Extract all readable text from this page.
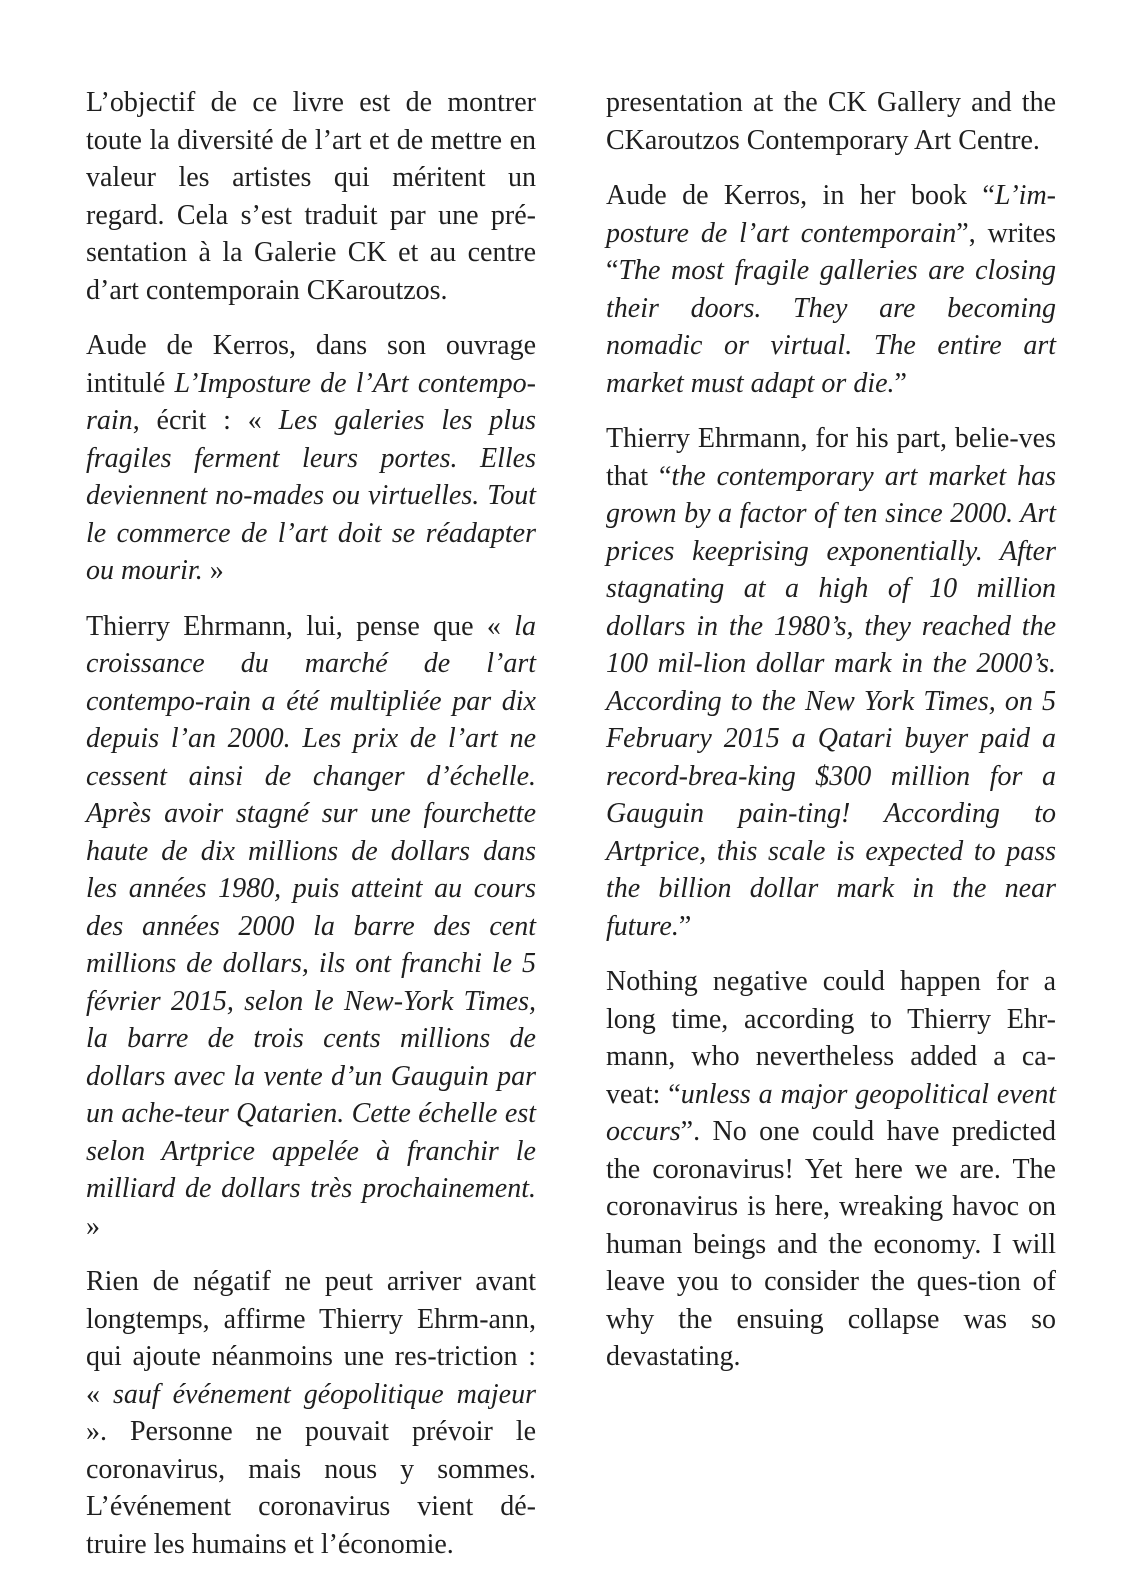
L’objectif de ce livre est de montrer toute la diversité de l’art et de mettre en valeur les artistes qui méritent un regard. Cela s’est traduit par une pré-sentation à la Galerie CK et au centre d’art contemporain CKaroutzos.

Aude de Kerros, dans son ouvrage intitulé L’Imposture de l’Art contempo-rain, écrit : « Les galeries les plus fragiles ferment leurs portes. Elles deviennent no-mades ou virtuelles. Tout le commerce de l’art doit se réadapter ou mourir. »

Thierry Ehrmann, lui, pense que « la croissance du marché de l’art contempo-rain a été multipliée par dix depuis l’an 2000. Les prix de l’art ne cessent ainsi de changer d’échelle. Après avoir stagné sur une fourchette haute de dix millions de dollars dans les années 1980, puis atteint au cours des années 2000 la barre des cent millions de dollars, ils ont franchi le 5 février 2015, selon le New-York Times, la barre de trois cents millions de dollars avec la vente d’un Gauguin par un ache-teur Qatarien. Cette échelle est selon Artprice appelée à franchir le milliard de dollars très prochainement. »

Rien de négatif ne peut arriver avant longtemps, affirme Thierry Ehrm-ann, qui ajoute néanmoins une res-triction : « sauf événement géopolitique majeur ». Personne ne pouvait prévoir le coronavirus, mais nous y sommes. L’événement coronavirus vient dé-truire les humains et l’économie.

presentation at the CK Gallery and the CKaroutzos Contemporary Art Centre.

Aude de Kerros, in her book “L’im-posture de l’art contemporain”, writes “The most fragile galleries are closing their doors. They are becoming nomadic or virtual. The entire art market must adapt or die.”

Thierry Ehrmann, for his part, belie-ves that “the contemporary art market has grown by a factor of ten since 2000. Art prices keeprising exponentially. After stagnating at a high of 10 million dollars in the 1980’s, they reached the 100 mil-lion dollar mark in the 2000’s. According to the New York Times, on 5 February 2015 a Qatari buyer paid a record-brea-king $300 million for a Gauguin pain-ting! According to Artprice, this scale is expected to pass the billion dollar mark in the near future.”

Nothing negative could happen for a long time, according to Thierry Ehr-mann, who nevertheless added a ca-veat: “unless a major geopolitical event occurs”. No one could have predicted the coronavirus! Yet here we are. The coronavirus is here, wreaking havoc on human beings and the economy. I will leave you to consider the ques-tion of why the ensuing collapse was so devastating.
